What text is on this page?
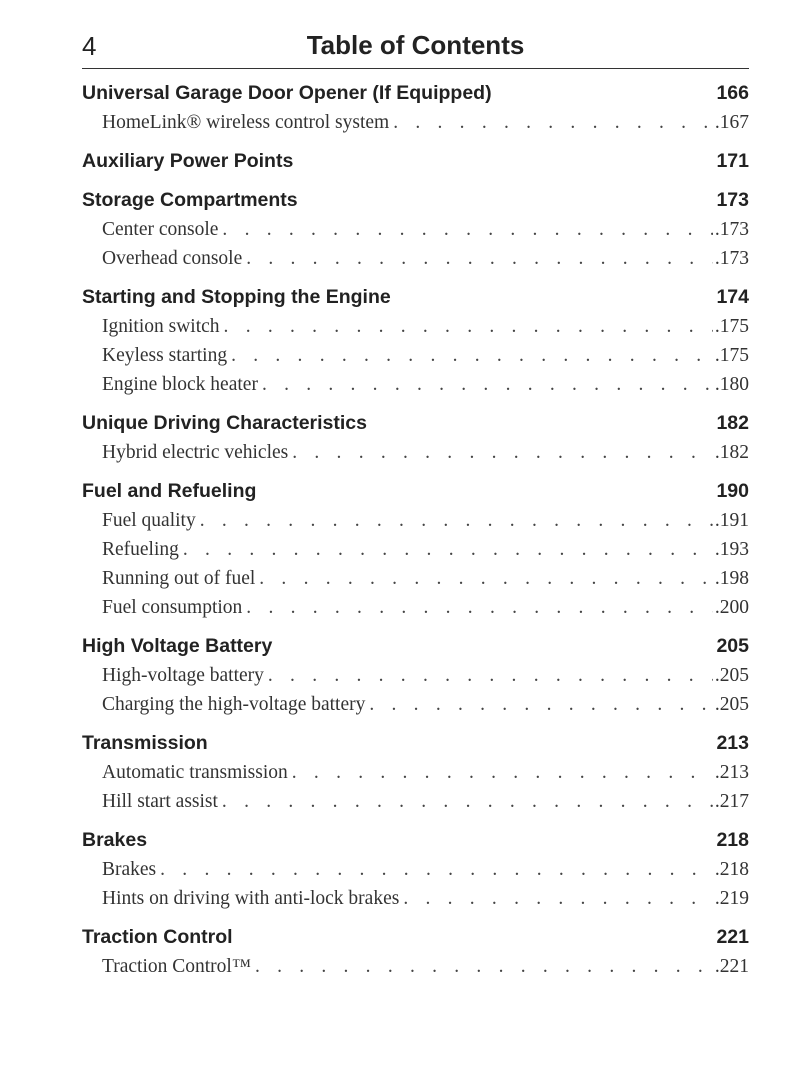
4	Table of Contents
Universal Garage Door Opener (If Equipped)	166
HomeLink® wireless control system . . .	.167
Auxiliary Power Points	171
Storage Compartments	173
Center console . . .	.173
Overhead console . . .	.173
Starting and Stopping the Engine	174
Ignition switch . . .	.175
Keyless starting . . .	.175
Engine block heater . . .	.180
Unique Driving Characteristics	182
Hybrid electric vehicles . . .	.182
Fuel and Refueling	190
Fuel quality . . .	.191
Refueling . . .	.193
Running out of fuel . . .	.198
Fuel consumption . . .	.200
High Voltage Battery	205
High-voltage battery . . .	.205
Charging the high-voltage battery . . .	.205
Transmission	213
Automatic transmission . . .	.213
Hill start assist . . .	.217
Brakes	218
Brakes . . .	.218
Hints on driving with anti-lock brakes . . .	.219
Traction Control	221
Traction Control™ . . .	.221
